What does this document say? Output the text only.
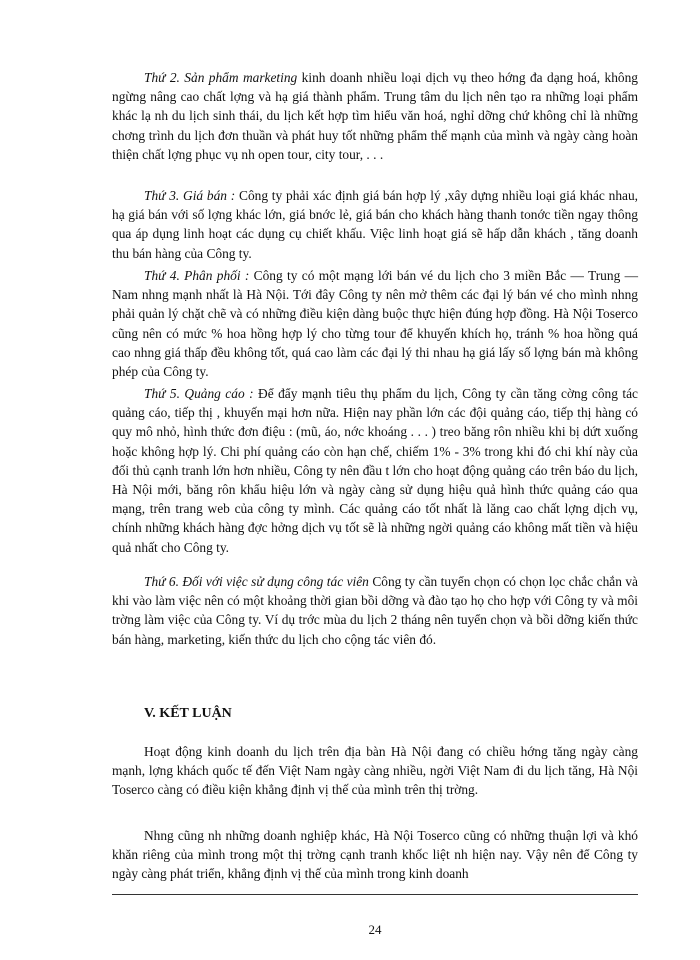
Thứ 2. Sản phẩm marketing kinh doanh nhiều loại dịch vụ theo hớng đa dạng hoá, không ngừng nâng cao chất lợng và hạ giá thành phẩm. Trung tâm du lịch nên tạo ra những loại phẩm khác lạ nh du lịch sinh thái, du lịch kết hợp tìm hiểu văn hoá, nghỉ dỡng chứ không chỉ là những chơng trình du lịch đơn thuần và phát huy tốt những phẩm thế mạnh của mình và ngày càng hoàn thiện chất lợng phục vụ nh open tour, city tour, . . .

Thứ 3. Giá bán : Công ty phải xác định giá bán hợp lý ,xây dựng nhiều loại giá khác nhau, hạ giá bán với số lợng khác lớn, giá bnớc lẻ, giá bán cho khách hàng thanh tonớc tiền ngay thông qua áp dụng linh hoạt các dụng cụ chiết khấu. Việc linh hoạt giá sẽ hấp dẫn khách , tăng doanh thu bán hàng của Công ty.

Thứ 4. Phân phối : Công ty có một mạng lới bán vé du lịch cho 3 miền Bắc — Trung — Nam nhng mạnh nhất là Hà Nội. Tới đây Công ty nên mở thêm các đại lý bán vé cho mình nhng phải quản lý chặt chẽ và có những điều kiện dàng buộc thực hiện đúng hợp đồng. Hà Nội Toserco cũng nên có mức % hoa hồng hợp lý cho từng tour để khuyến khích họ, tránh % hoa hồng quá cao nhng giá thấp đều không tốt, quá cao làm các đại lý thi nhau hạ giá lấy số lợng bán mà không phép của Công ty.

Thứ 5. Quảng cáo : Để đẩy mạnh tiêu thụ phẩm du lịch, Công ty cần tăng cờng công tác quảng cáo, tiếp thị , khuyến mại hơn nữa. Hiện nay phần lớn các đội quảng cáo, tiếp thị hàng có quy mô nhỏ, hình thức đơn điệu : (mũ, áo, nớc khoáng . . . ) treo băng rôn nhiều khi bị dứt xuống hoặc không hợp lý. Chi phí quảng cáo còn hạn chế, chiếm 1% - 3% trong khi đó chi khí này của đối thủ cạnh tranh lớn hơn nhiều, Công ty nên đầu t lớn cho hoạt động quảng cáo trên báo du lịch, Hà Nội mới, băng rôn khẩu hiệu lớn và ngày càng sử dụng hiệu quả hình thức quảng cáo qua mạng, trên trang web của công ty mình. Các quảng cáo tốt nhất là lăng cao chất lợng dịch vụ, chính những khách hàng đợc hởng dịch vụ tốt sẽ là những ngời quảng cáo không mất tiền và hiệu quả nhất cho Công ty.

Thứ 6. Đối với việc sử dụng công tác viên Công ty cần tuyển chọn có chọn lọc chắc chắn và khi vào làm việc nên có một khoảng thời gian bồi dỡng và đào tạo họ cho hợp với Công ty và môi trờng làm việc của Công ty. Ví dụ trớc mùa du lịch 2 tháng nên tuyển chọn và bồi dỡng kiến thức bán hàng, marketing, kiến thức du lịch cho cộng tác viên đó.

V. KẾT LUẬN

Hoạt động kinh doanh du lịch trên địa bàn Hà Nội đang có chiều hớng tăng ngày càng mạnh, lợng khách quốc tế đến Việt Nam ngày càng nhiều, ngời Việt Nam đi du lịch tăng, Hà Nội Toserco càng có điều kiện khẳng định vị thế của mình trên thị trờng.

Nhng cũng nh những doanh nghiệp khác, Hà Nội Toserco cũng có những thuận lợi và khó khăn riêng của mình trong một thị trờng cạnh tranh khốc liệt nh hiện nay. Vậy nên để Công ty ngày càng phát triển, khẳng định vị thế của mình trong kinh doanh

24
